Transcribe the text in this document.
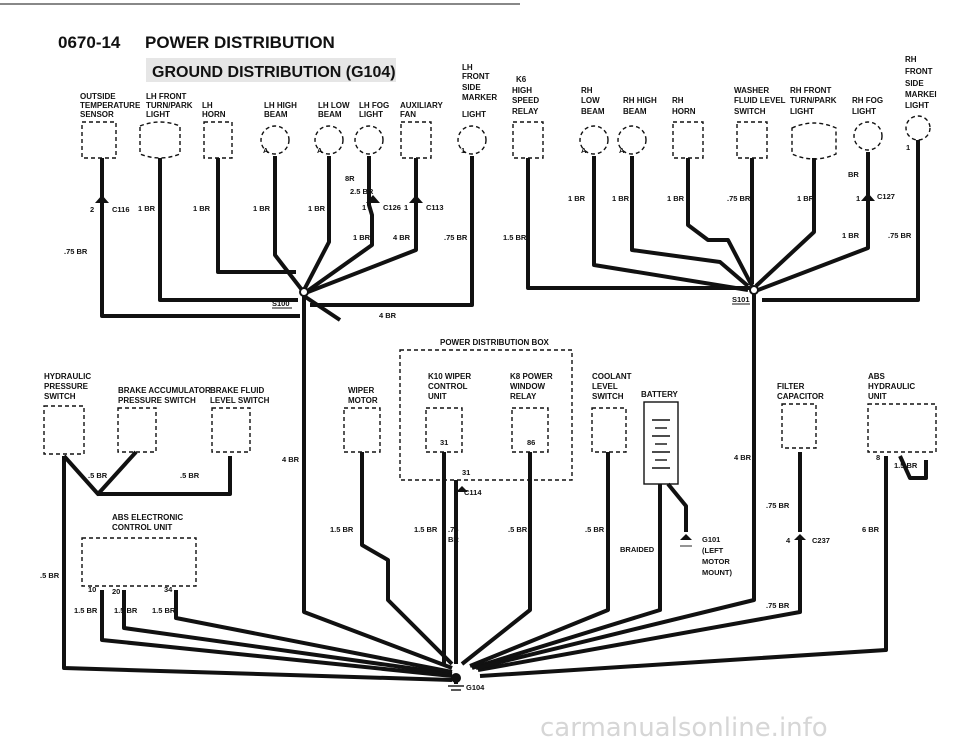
0670-14 POWER DISTRIBUTION
GROUND DISTRIBUTION (G104)
OUTSIDE
TEMPERATURE
SENSOR
LH FRONT
TURN/PARK
LIGHT
LH
HORN
LH HIGH
BEAM
LH LOW
BEAM
LH FOG
LIGHT
AUXILIARY
FAN
LH
FRONT
SIDE
MARKER
LIGHT
K6
HIGH
SPEED
RELAY
RH
LOW
BEAM
RH HIGH
BEAM
RH
HORN
WASHER
FLUID LEVEL
SWITCH
RH FRONT
TURN/PARK
LIGHT
RH FOG
LIGHT
RH
FRONT
SIDE
MARKEI
LIGHT
A	A	A	A
1	1
2 C116	1 C126 1 C113
S100
1 BR	1 BR	1 BR	1 BR
8R
2.5 BR
1 BR	4 BR	.75 BR
.75 BR
4 BR
1 C127
S101
1.5 BR
1 BR	1 BR	1 BR	.75 BR	1 BR
BR
1 BR	.75 BR
HYDRAULIC
PRESSURE
SWITCH
BRAKE ACCUMULATOR
PRESSURE SWITCH
BRAKE FLUID
LEVEL SWITCH
WIPER
MOTOR
K10 WIPER
CONTROL
UNIT
K8 POWER
WINDOW
RELAY
COOLANT
LEVEL
SWITCH BATTERY
FILTER
CAPACITOR
ABS
HYDRAULIC
UNIT
ABS ELECTRONIC
CONTROL UNIT
POWER DISTRIBUTION BOX
.5 BR	.5 BR
4 BR
31	86
31
6 C114
1.5 BR	1.5 BR .75
BR
.5 BR	.5 BR
BRAIDED
4 BR
.75 BR
4	C237
6 BR
8
1.5 BR
.75 BR
.5 BR
10 20	34
1.5 BR 1.5 BR 1.5 BR
G101
(LEFT
MOTOR
MOUNT)
G104
carmanualsonline.info
